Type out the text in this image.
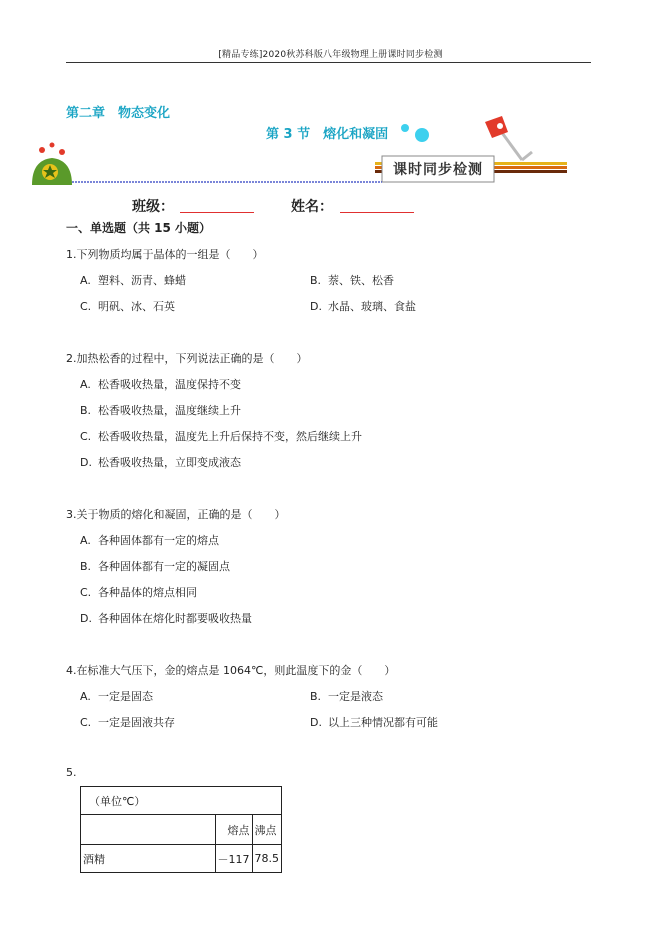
[精品专练]2020秋苏科版八年级物理上册课时同步检测
课时同步检测
第二章　物态变化
第 3 节　熔化和凝固
班级：	姓名：
一、单选题（共 15 小题）
1.下列物质均属于晶体的一组是（　　）
A. 塑料、沥青、蜂蜡	B. 萘、铁、松香
C. 明矾、冰、石英	D. 水晶、玻璃、食盐
2.加热松香的过程中，下列说法正确的是（　　）
A. 松香吸收热量，温度保持不变
B. 松香吸收热量，温度继续上升
C. 松香吸收热量，温度先上升后保持不变，然后继续上升
D. 松香吸收热量，立即变成液态
3.关于物质的熔化和凝固，正确的是（　　）
A. 各种固体都有一定的熔点
B. 各种固体都有一定的凝固点
C. 各种晶体的熔点相同
D. 各种固体在熔化时都要吸收热量
4.在标准大气压下，金的熔点是 1064℃，则此温度下的金（　　）
A. 一定是固态	B. 一定是液态
C. 一定是固液共存	D. 以上三种情况都有可能
5.
（单位℃）		
	熔点	沸点
酒精	－117	78.5
